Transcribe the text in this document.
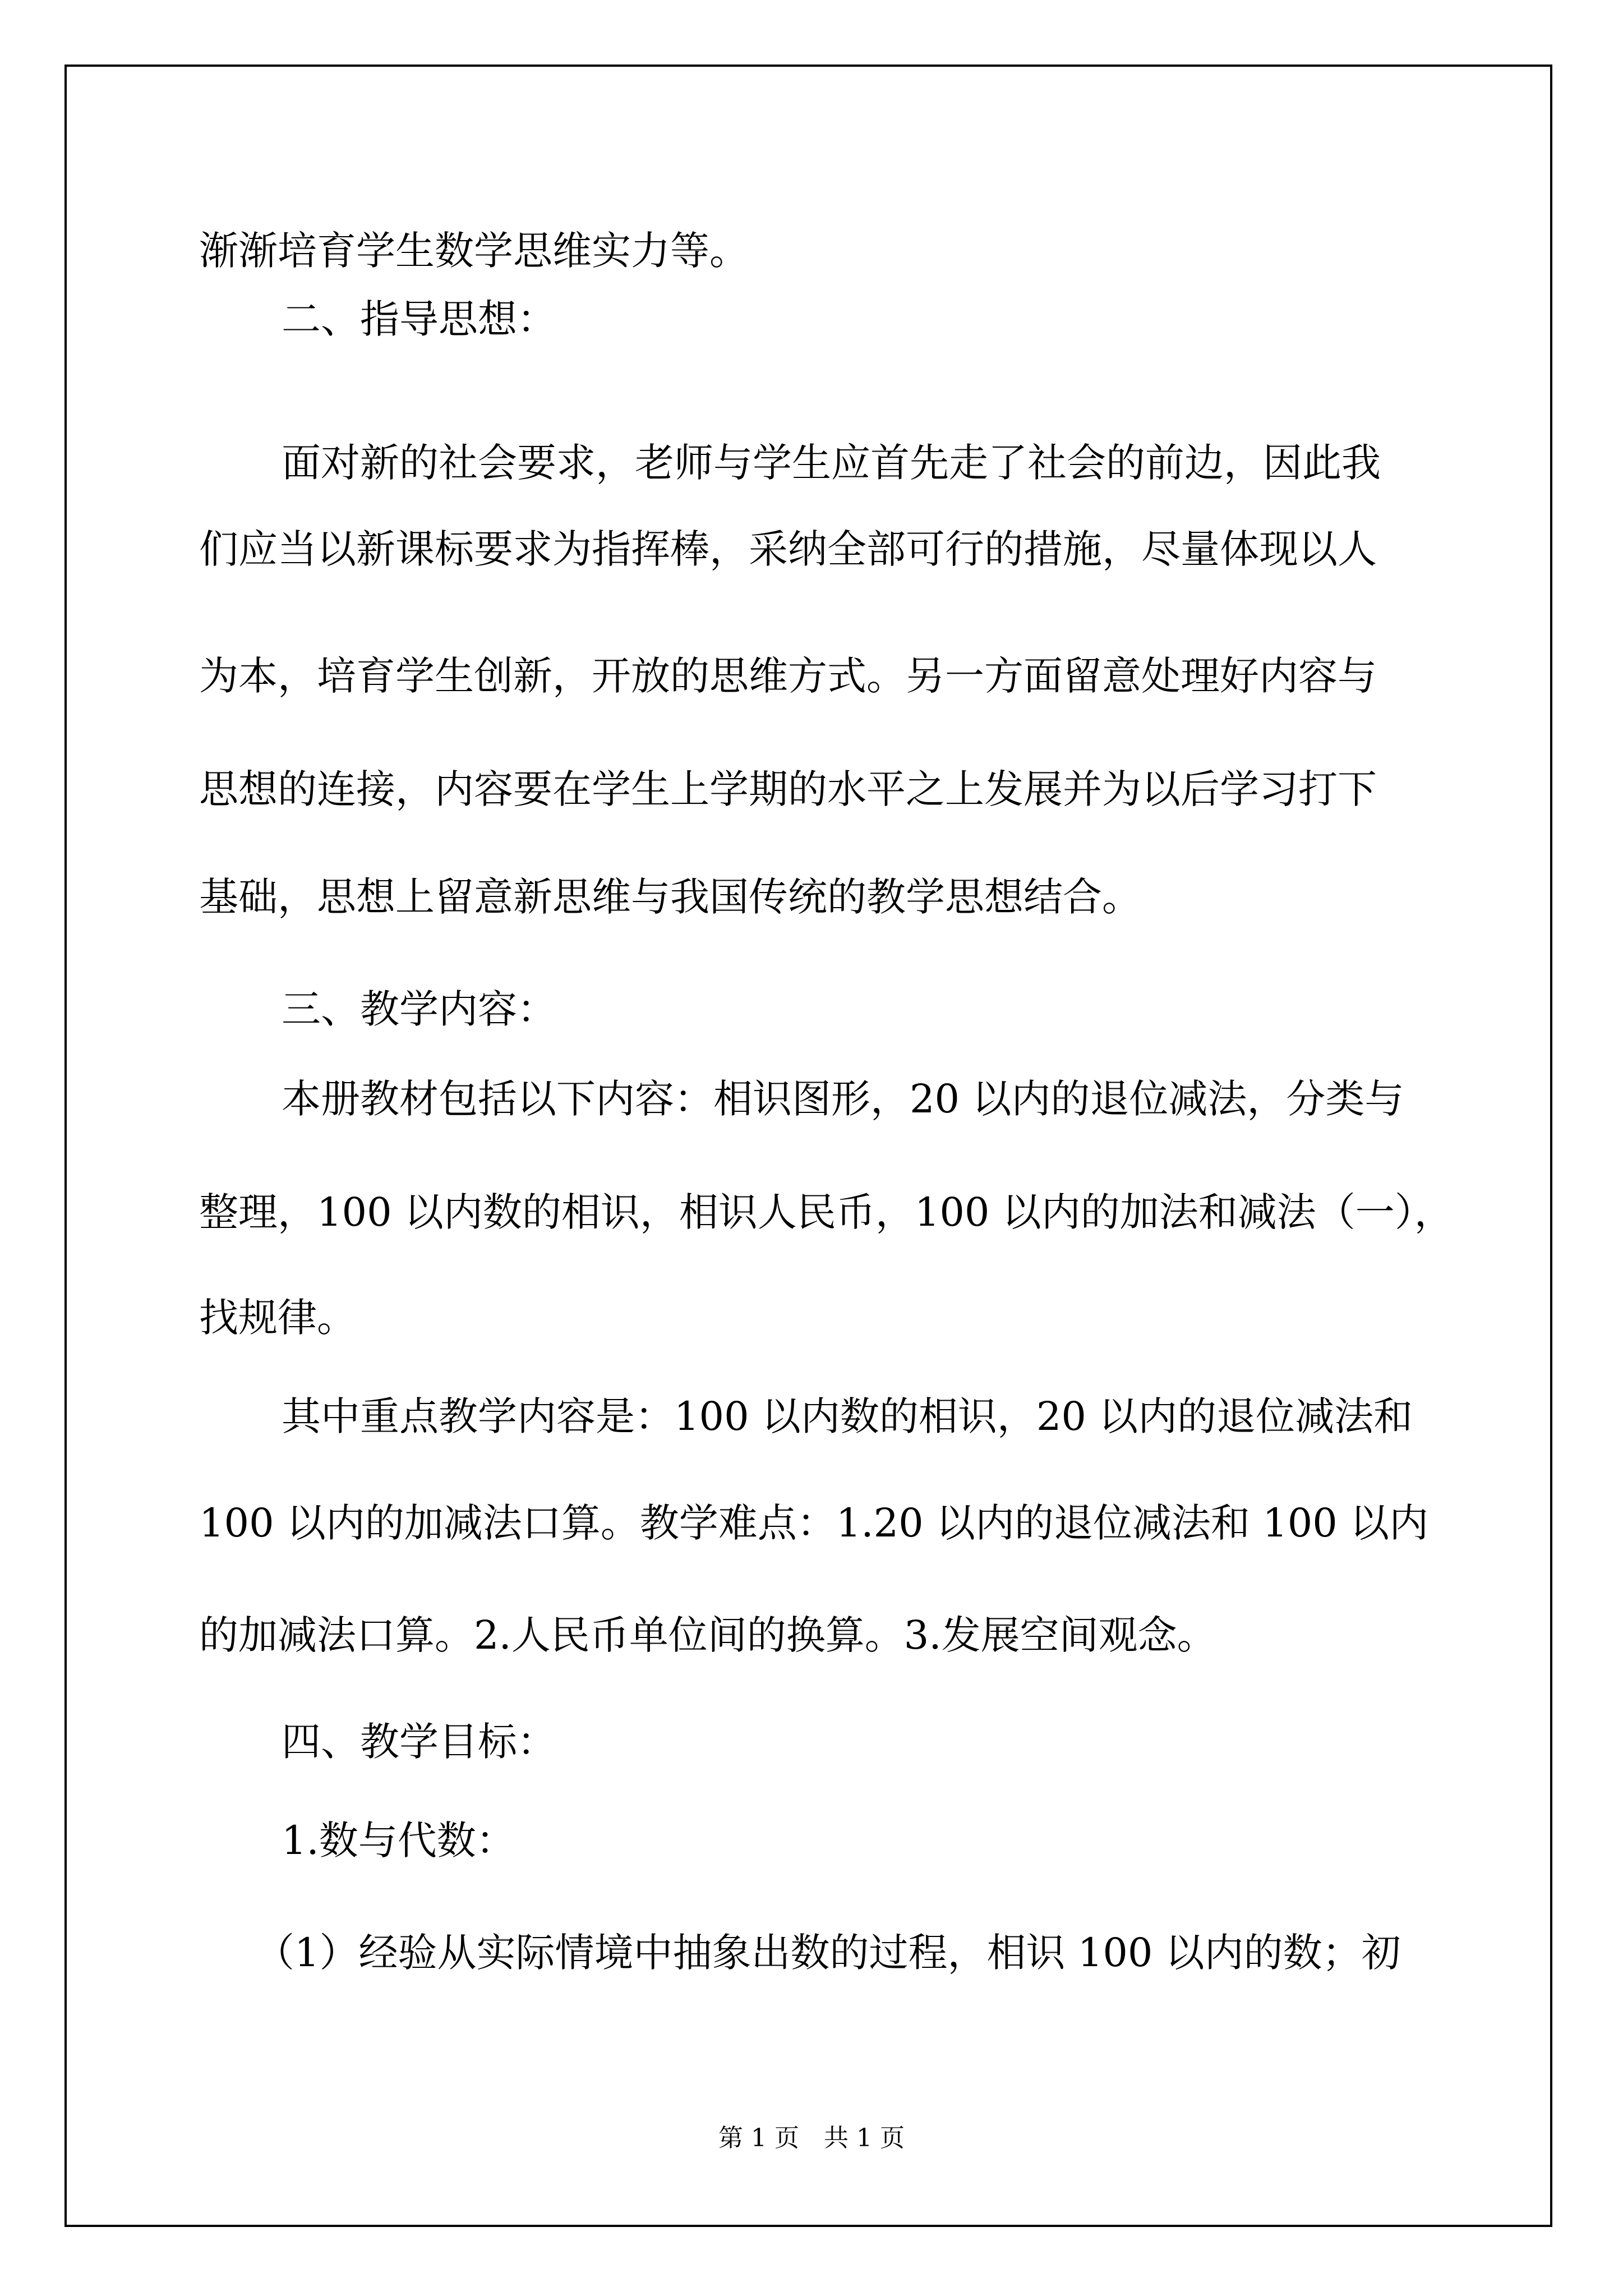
渐渐培育学生数学思维实力等。
二、指导思想：
面对新的社会要求，老师与学生应首先走了社会的前边，因此我
们应当以新课标要求为指挥棒，采纳全部可行的措施，尽量体现以人
为本，培育学生创新，开放的思维方式。另一方面留意处理好内容与
思想的连接，内容要在学生上学期的水平之上发展并为以后学习打下
基础，思想上留意新思维与我国传统的教学思想结合。
三、教学内容：
本册教材包括以下内容：相识图形，20 以内的退位减法，分类与
整理，100 以内数的相识，相识人民币，100 以内的加法和减法（一），
找规律。
其中重点教学内容是：100 以内数的相识，20 以内的退位减法和
100 以内的加减法口算。教学难点：1.20 以内的退位减法和 100 以内
的加减法口算。2.人民币单位间的换算。3.发展空间观念。
四、教学目标：
1.数与代数：
（1）经验从实际情境中抽象出数的过程，相识 100 以内的数；初
第 1 页　共 1 页
